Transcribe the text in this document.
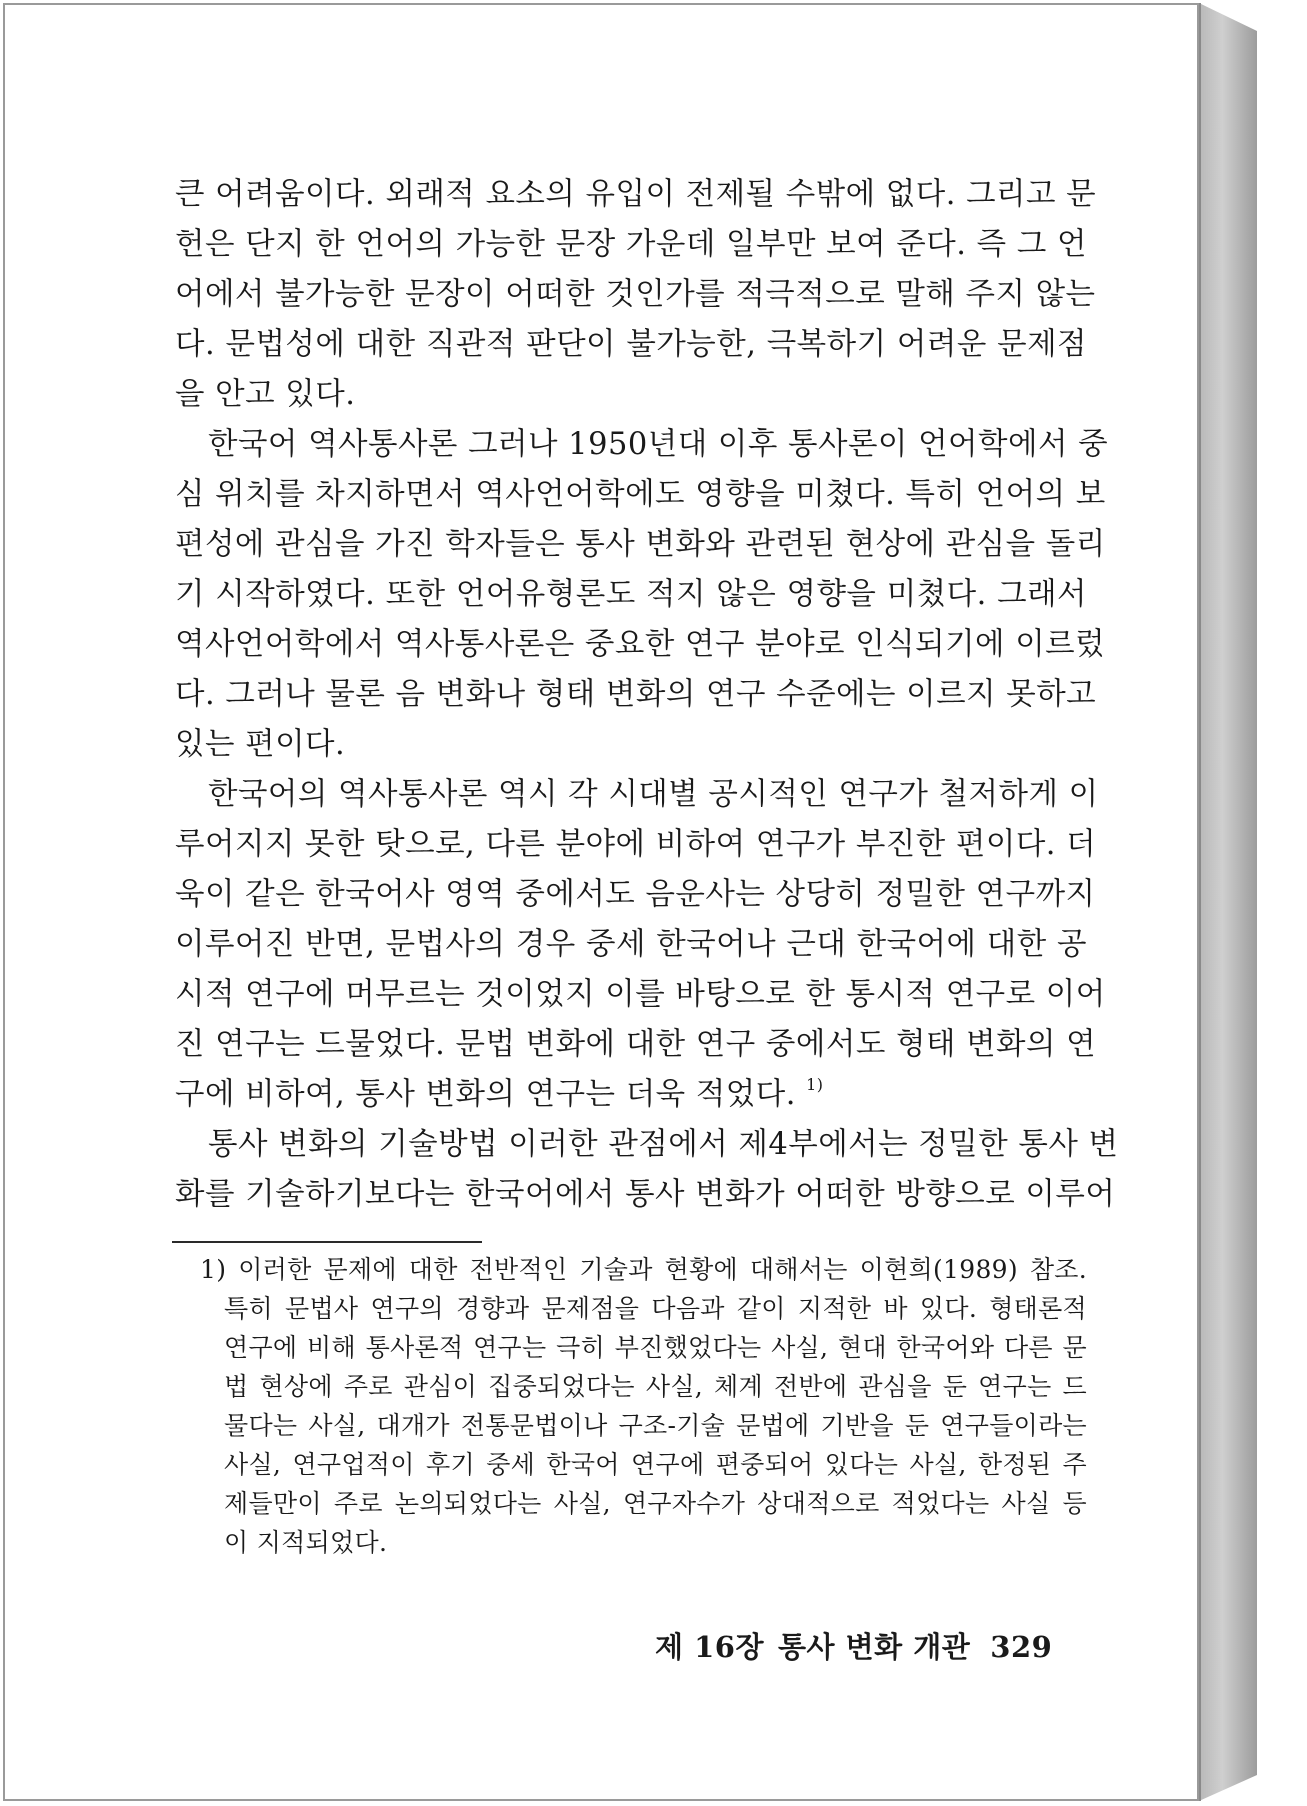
큰 어려움이다. 외래적 요소의 유입이 전제될 수밖에 없다. 그리고 문
헌은 단지 한 언어의 가능한 문장 가운데 일부만 보여 준다. 즉 그 언
어에서 불가능한 문장이 어떠한 것인가를 적극적으로 말해 주지 않는
다. 문법성에 대한 직관적 판단이 불가능한, 극복하기 어려운 문제점
을 안고 있다.
한국어 역사통사론 그러나 1950년대 이후 통사론이 언어학에서 중
심 위치를 차지하면서 역사언어학에도 영향을 미쳤다. 특히 언어의 보
편성에 관심을 가진 학자들은 통사 변화와 관련된 현상에 관심을 돌리
기 시작하였다. 또한 언어유형론도 적지 않은 영향을 미쳤다. 그래서
역사언어학에서 역사통사론은 중요한 연구 분야로 인식되기에 이르렀
다. 그러나 물론 음 변화나 형태 변화의 연구 수준에는 이르지 못하고
있는 편이다.
한국어의 역사통사론 역시 각 시대별 공시적인 연구가 철저하게 이
루어지지 못한 탓으로, 다른 분야에 비하여 연구가 부진한 편이다. 더
욱이 같은 한국어사 영역 중에서도 음운사는 상당히 정밀한 연구까지
이루어진 반면, 문법사의 경우 중세 한국어나 근대 한국어에 대한 공
시적 연구에 머무르는 것이었지 이를 바탕으로 한 통시적 연구로 이어
진 연구는 드물었다. 문법 변화에 대한 연구 중에서도 형태 변화의 연
구에 비하여, 통사 변화의 연구는 더욱 적었다. $^{1)}$
통사 변화의 기술방법 이러한 관점에서 제4부에서는 정밀한 통사 변
화를 기술하기보다는 한국어에서 통사 변화가 어떠한 방향으로 이루어
1) 이러한 문제에 대한 전반적인 기술과 현황에 대해서는 이현희(1989) 참조.
특히 문법사 연구의 경향과 문제점을 다음과 같이 지적한 바 있다. 형태론적
연구에 비해 통사론적 연구는 극히 부진했었다는 사실, 현대 한국어와 다른 문
법 현상에 주로 관심이 집중되었다는 사실, 체계 전반에 관심을 둔 연구는 드
물다는 사실, 대개가 전통문법이나 구조-기술 문법에 기반을 둔 연구들이라는
사실, 연구업적이 후기 중세 한국어 연구에 편중되어 있다는 사실, 한정된 주
제들만이 주로 논의되었다는 사실, 연구자수가 상대적으로 적었다는 사실 등
이 지적되었다.
제 16장 통사 변화 개관 329
